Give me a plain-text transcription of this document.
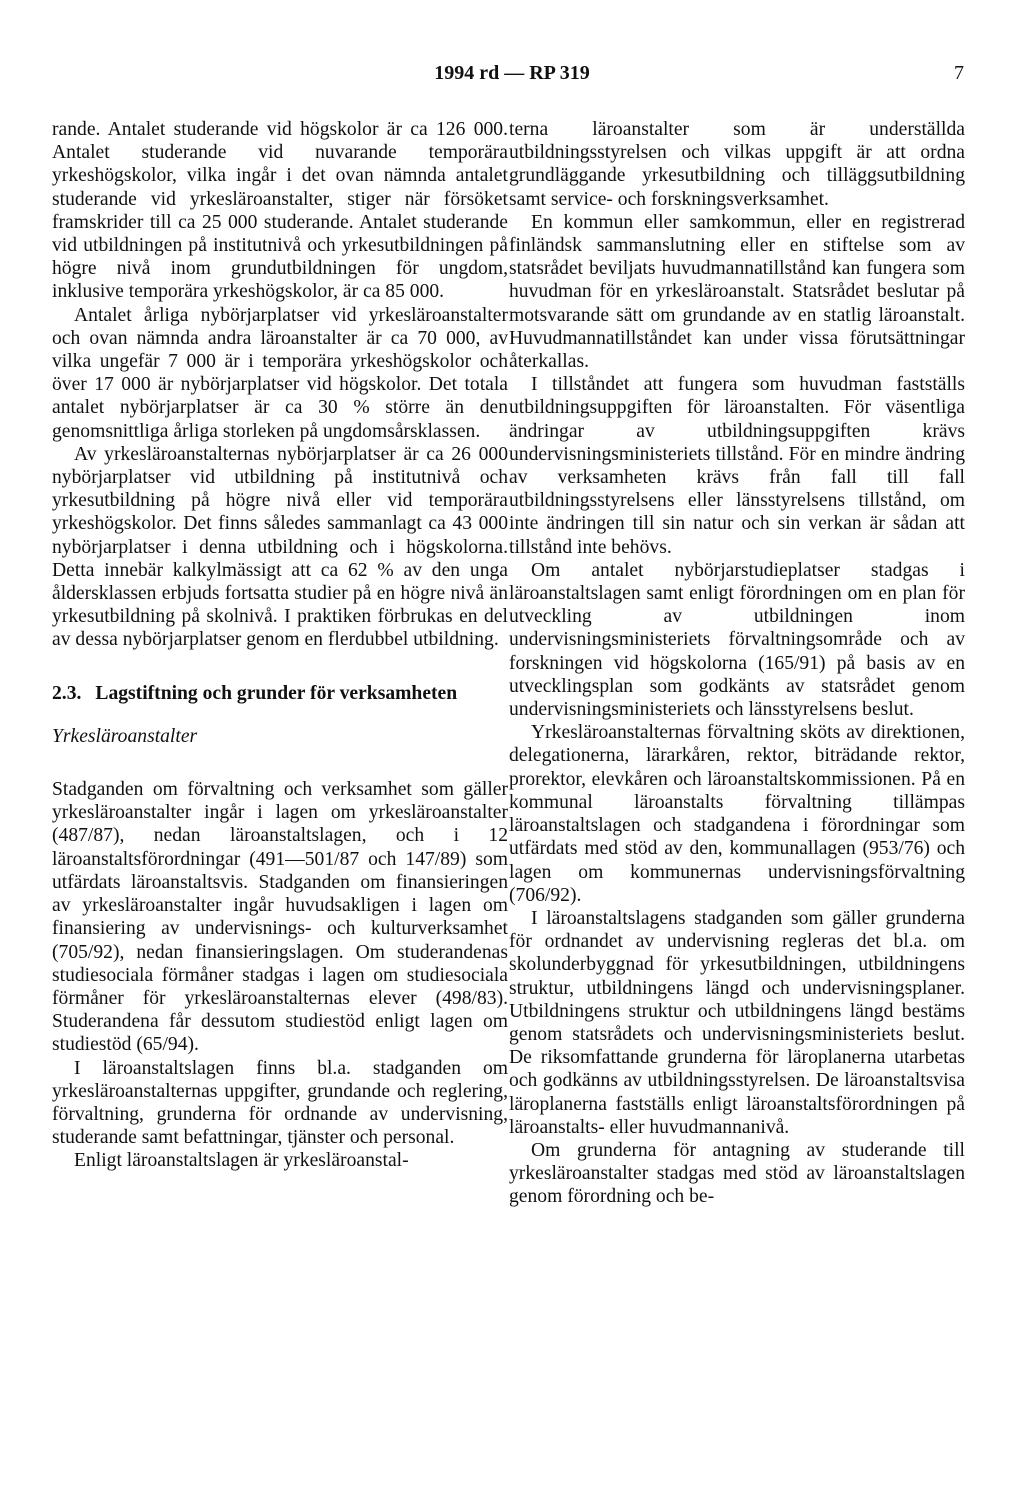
1994 rd — RP 319	7

rande. Antalet studerande vid högskolor är ca 126 000. Antalet studerande vid nuvarande temporära yrkeshögskolor, vilka ingår i det ovan nämnda antalet studerande vid yrkesläroanstalter, stiger när försöket framskrider till ca 25 000 studerande. Antalet studerande vid utbildningen på institutnivå och yrkesutbildningen på högre nivå inom grundutbildningen för ungdom, inklusive temporära yrkeshögskolor, är ca 85 000.

Antalet årliga nybörjarplatser vid yrkesläroanstalter och ovan nämnda andra läroanstalter är ca 70 000, av vilka ungefär 7 000 är i temporära yrkeshögskolor och över 17 000 är nybörjarplatser vid högskolor. Det totala antalet nybörjarplatser är ca 30 % större än den genomsnittliga årliga storleken på ungdomsårsklassen.

Av yrkesläroanstalternas nybörjarplatser är ca 26 000 nybörjarplatser vid utbildning på institutnivå och yrkesutbildning på högre nivå eller vid temporära yrkeshögskolor. Det finns således sammanlagt ca 43 000 nybörjarplatser i denna utbildning och i högskolorna. Detta innebär kalkylmässigt att ca 62 % av den unga åldersklassen erbjuds fortsatta studier på en högre nivå än yrkesutbildning på skolnivå. I praktiken förbrukas en del av dessa nybörjarplatser genom en flerdubbel utbildning.

2.3. Lagstiftning och grunder för verksamheten
Yrkesläroanstalter

Stadganden om förvaltning och verksamhet som gäller yrkesläroanstalter ingår i lagen om yrkesläroanstalter (487/87), nedan läroanstaltslagen, och i 12 läroanstaltsförordningar (491—501/87 och 147/89) som utfärdats läroanstaltsvis. Stadganden om finansieringen av yrkesläroanstalter ingår huvudsakligen i lagen om finansiering av undervisnings- och kulturverksamhet (705/92), nedan finansieringslagen. Om studerandenas studiesociala förmåner stadgas i lagen om studiesociala förmåner för yrkesläroanstalternas elever (498/83). Studerandena får dessutom studiestöd enligt lagen om studiestöd (65/94).

I läroanstaltslagen finns bl.a. stadganden om yrkesläroanstalternas uppgifter, grundande och reglering, förvaltning, grunderna för ordnande av undervisning, studerande samt befattningar, tjänster och personal.

Enligt läroanstaltslagen är yrkesläroanstal-

terna läroanstalter som är underställda utbildningsstyrelsen och vilkas uppgift är att ordna grundläggande yrkesutbildning och tilläggsutbildning samt service- och forskningsverksamhet.

En kommun eller samkommun, eller en registrerad finländsk sammanslutning eller en stiftelse som av statsrådet beviljats huvudmannatillstånd kan fungera som huvudman för en yrkesläroanstalt. Statsrådet beslutar på motsvarande sätt om grundande av en statlig läroanstalt. Huvudmannatillståndet kan under vissa förutsättningar återkallas.

I tillståndet att fungera som huvudman fastställs utbildningsuppgiften för läroanstalten. För väsentliga ändringar av utbildningsuppgiften krävs undervisningsministeriets tillstånd. För en mindre ändring av verksamheten krävs från fall till fall utbildningsstyrelsens eller länsstyrelsens tillstånd, om inte ändringen till sin natur och sin verkan är sådan att tillstånd inte behövs.

Om antalet nybörjarstudieplatser stadgas i läroanstaltslagen samt enligt förordningen om en plan för utveckling av utbildningen inom undervisningsministeriets förvaltningsområde och av forskningen vid högskolorna (165/91) på basis av en utvecklingsplan som godkänts av statsrådet genom undervisningsministeriets och länsstyrelsens beslut.

Yrkesläroanstalternas förvaltning sköts av direktionen, delegationerna, lärarkåren, rektor, biträdande rektor, prorektor, elevkåren och läroanstaltskommissionen. På en kommunal läroanstalts förvaltning tillämpas läroanstaltslagen och stadgandena i förordningar som utfärdats med stöd av den, kommunallagen (953/76) och lagen om kommunernas undervisningsförvaltning (706/92).

I läroanstaltslagens stadganden som gäller grunderna för ordnandet av undervisning regleras det bl.a. om skolunderbyggnad för yrkesutbildningen, utbildningens struktur, utbildningens längd och undervisningsplaner. Utbildningens struktur och utbildningens längd bestäms genom statsrådets och undervisningsministeriets beslut. De riksomfattande grunderna för läroplanerna utarbetas och godkänns av utbildningsstyrelsen. De läroanstaltsvisa läroplanerna fastställs enligt läroanstaltsförordningen på läroanstalts- eller huvudmannanivå.

Om grunderna för antagning av studerande till yrkesläroanstalter stadgas med stöd av läroanstaltslagen genom förordning och be-
